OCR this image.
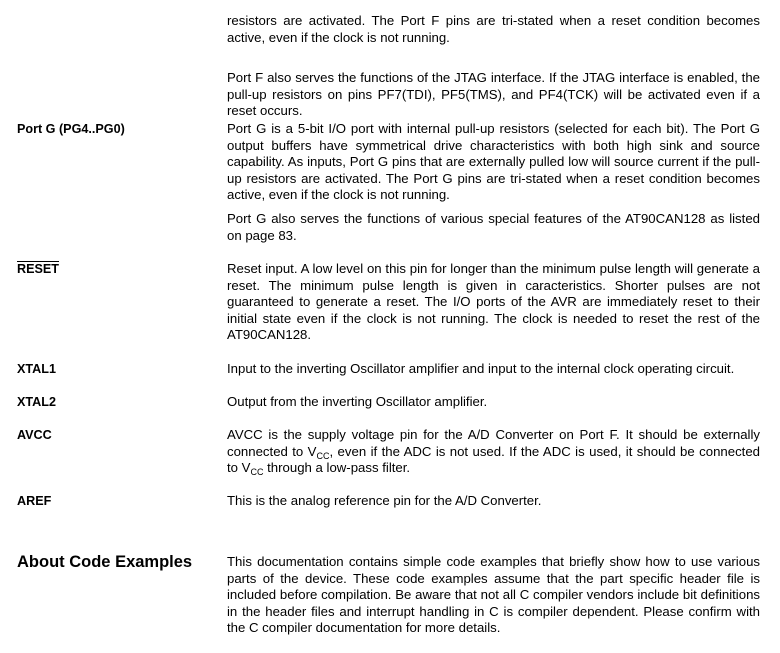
resistors are activated. The Port F pins are tri-stated when a reset condition becomes active, even if the clock is not running.

Port F also serves the functions of the JTAG interface. If the JTAG interface is enabled, the pull-up resistors on pins PF7(TDI), PF5(TMS), and PF4(TCK) will be activated even if a reset occurs.

Port G (PG4..PG0)	Port G is a 5-bit I/O port with internal pull-up resistors (selected for each bit). The Port G output buffers have symmetrical drive characteristics with both high sink and source capability. As inputs, Port G pins that are externally pulled low will source current if the pull-up resistors are activated. The Port G pins are tri-stated when a reset condition becomes active, even if the clock is not running.

Port G also serves the functions of various special features of the AT90CAN128 as listed on page 83.

RESET	Reset input. A low level on this pin for longer than the minimum pulse length will generate a reset. The minimum pulse length is given in caracteristics. Shorter pulses are not guaranteed to generate a reset. The I/O ports of the AVR are immediately reset to their initial state even if the clock is not running. The clock is needed to reset the rest of the AT90CAN128.

XTAL1	Input to the inverting Oscillator amplifier and input to the internal clock operating circuit.

XTAL2	Output from the inverting Oscillator amplifier.

AVCC	AVCC is the supply voltage pin for the A/D Converter on Port F. It should be externally connected to $V_{CC}$, even if the ADC is not used. If the ADC is used, it should be connected to $V_{CC}$ through a low-pass filter.

AREF	This is the analog reference pin for the A/D Converter.

About Code Examples	This documentation contains simple code examples that briefly show how to use various parts of the device. These code examples assume that the part specific header file is included before compilation. Be aware that not all C compiler vendors include bit definitions in the header files and interrupt handling in C is compiler dependent. Please confirm with the C compiler documentation for more details.
